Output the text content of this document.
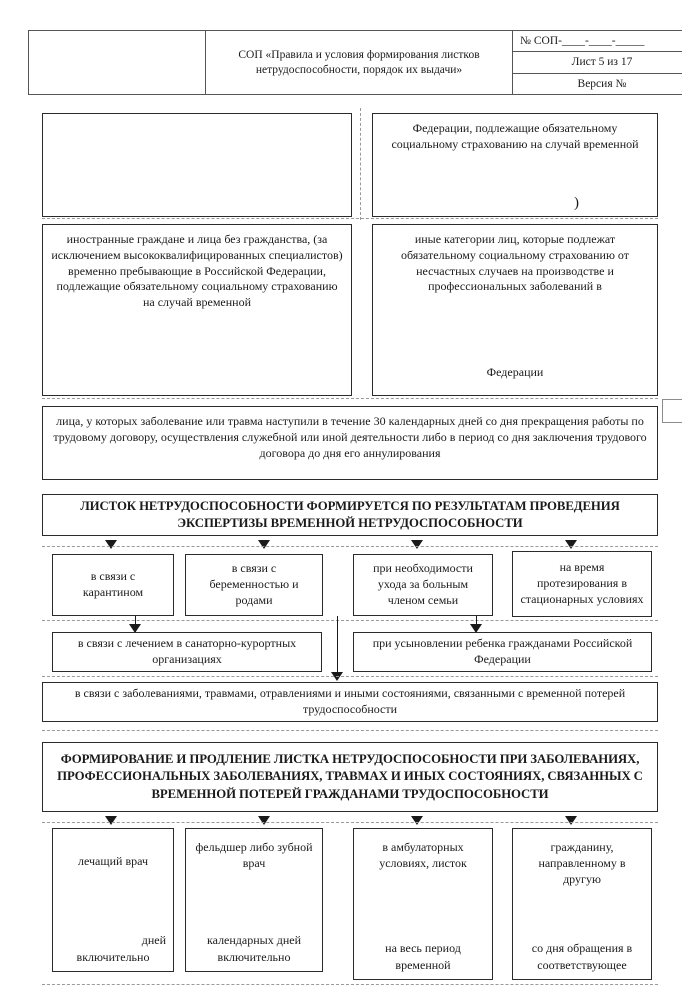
	СОП «Правила и условия формирования листков нетрудоспособности, порядок их выдачи»	№ СОП-____-____-_____
Лист 5 из 17
Версия №
Федерации, подлежащие обязательному социальному страхованию на случай временной
)
иностранные граждане и лица без гражданства, (за исключением высококвалифицированных специалистов) временно пребывающие в Российской Федерации, подлежащие обязательному социальному страхованию на случай временной
иные категории лиц, которые подлежат обязательному социальному страхованию от несчастных случаев на производстве и профессиональных заболеваний в
Федерации
лица, у которых заболевание или травма наступили в течение 30 календарных дней со дня прекращения работы по трудовому договору, осуществления служебной или иной деятельности либо в период со дня заключения трудового договора до дня его аннулирования
ЛИСТОК НЕТРУДОСПОСОБНОСТИ ФОРМИРУЕТСЯ ПО РЕЗУЛЬТАТАМ ПРОВЕДЕНИЯ ЭКСПЕРТИЗЫ ВРЕМЕННОЙ НЕТРУДОСПОСОБНОСТИ
в связи с карантином
в связи с беременностью и родами
при необходимости ухода за больным членом семьи
на время протезирования в стационарных условиях
в связи с лечением в санаторно-курортных организациях
при усыновлении ребенка гражданами Российской Федерации
в связи с заболеваниями, травмами, отравлениями и иными состояниями, связанными с временной потерей трудоспособности
ФОРМИРОВАНИЕ И ПРОДЛЕНИЕ ЛИСТКА НЕТРУДОСПОСОБНОСТИ ПРИ ЗАБОЛЕВАНИЯХ, ПРОФЕССИОНАЛЬНЫХ ЗАБОЛЕВАНИЯХ, ТРАВМАХ И ИНЫХ СОСТОЯНИЯХ, СВЯЗАННЫХ С ВРЕМЕННОЙ ПОТЕРЕЙ ГРАЖДАНАМИ ТРУДОСПОСОБНОСТИ
лечащий врач
дней
включительно
фельдшер либо зубной врач
календарных дней
включительно
в амбулаторных условиях, листок
на весь период
временной
гражданину, направленному в другую
со дня обращения в
соответствующее
